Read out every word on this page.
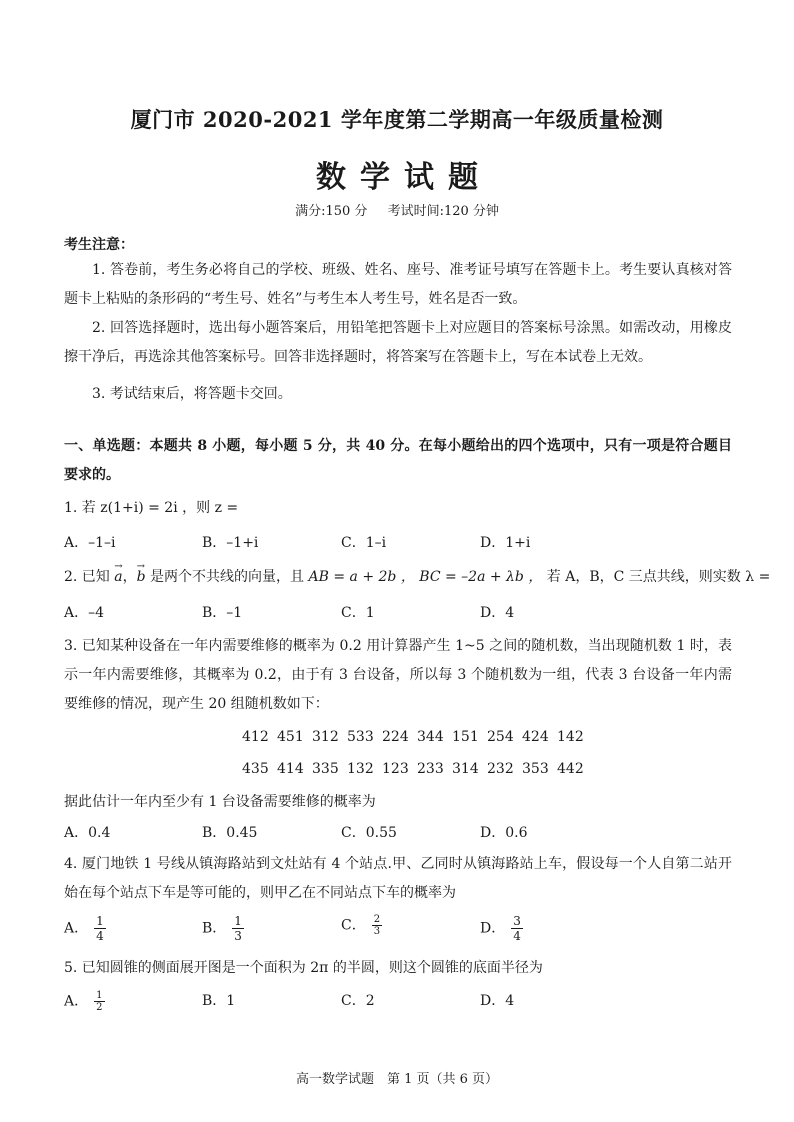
厦门市 2020-2021 学年度第二学期高一年级质量检测
数学试题
满分:150 分 考试时间:120 分钟
考生注意：
1. 答卷前，考生务必将自己的学校、班级、姓名、座号、准考证号填写在答题卡上。考生要认真核对答题卡上粘贴的条形码的“考生号、姓名”与考生本人考生号，姓名是否一致。
2. 回答选择题时，选出每小题答案后，用铅笔把答题卡上对应题目的答案标号涂黑。如需改动，用橡皮擦干净后，再选涂其他答案标号。回答非选择题时，将答案写在答题卡上，写在本试卷上无效。
3. 考试结束后，将答题卡交回。
一、单选题：本题共 8 小题，每小题 5 分，共 40 分。在每小题给出的四个选项中，只有一项是符合题目要求的。
1. 若 z(1+i) = 2i ，则 z =
A．–1–i	B．–1+i	C．1–i	D．1+i
2. 已知 → a，→ b 是两个不共线的向量，且 AB = a + 2b ， BC = –2a + λb ， 若 A，B，C 三点共线，则实数 λ =
A．–4	B．–1	C．1	D．4
3. 已知某种设备在一年内需要维修的概率为 0.2 用计算器产生 1~5 之间的随机数，当出现随机数 1 时，表示一年内需要维修，其概率为 0.2，由于有 3 台设备，所以每 3 个随机数为一组，代表 3 台设备一年内需要维修的情况，现产生 20 组随机数如下：
412 451 312 533 224 344 151 254 424 142
435 414 335 132 123 233 314 232 353 442
据此估计一年内至少有 1 台设备需要维修的概率为
A．0.4	B．0.45	C．0.55	D．0.6
4. 厦门地铁 1 号线从镇海路站到文灶站有 4 个站点.甲、乙同时从镇海路站上车，假设每一个人自第二站开始在每个站点下车是等可能的，则甲乙在不同站点下车的概率为
A． $\frac{1}{4}$	B． $\frac{1}{3}$	C． $\frac{2}{3}$	D． $\frac{3}{4}$
5. 已知圆锥的侧面展开图是一个面积为 2π 的半圆，则这个圆锥的底面半径为
A． $\frac{1}{2}$	B．1	C．2	D．4
高一数学试题　第 1 页（共 6 页）
